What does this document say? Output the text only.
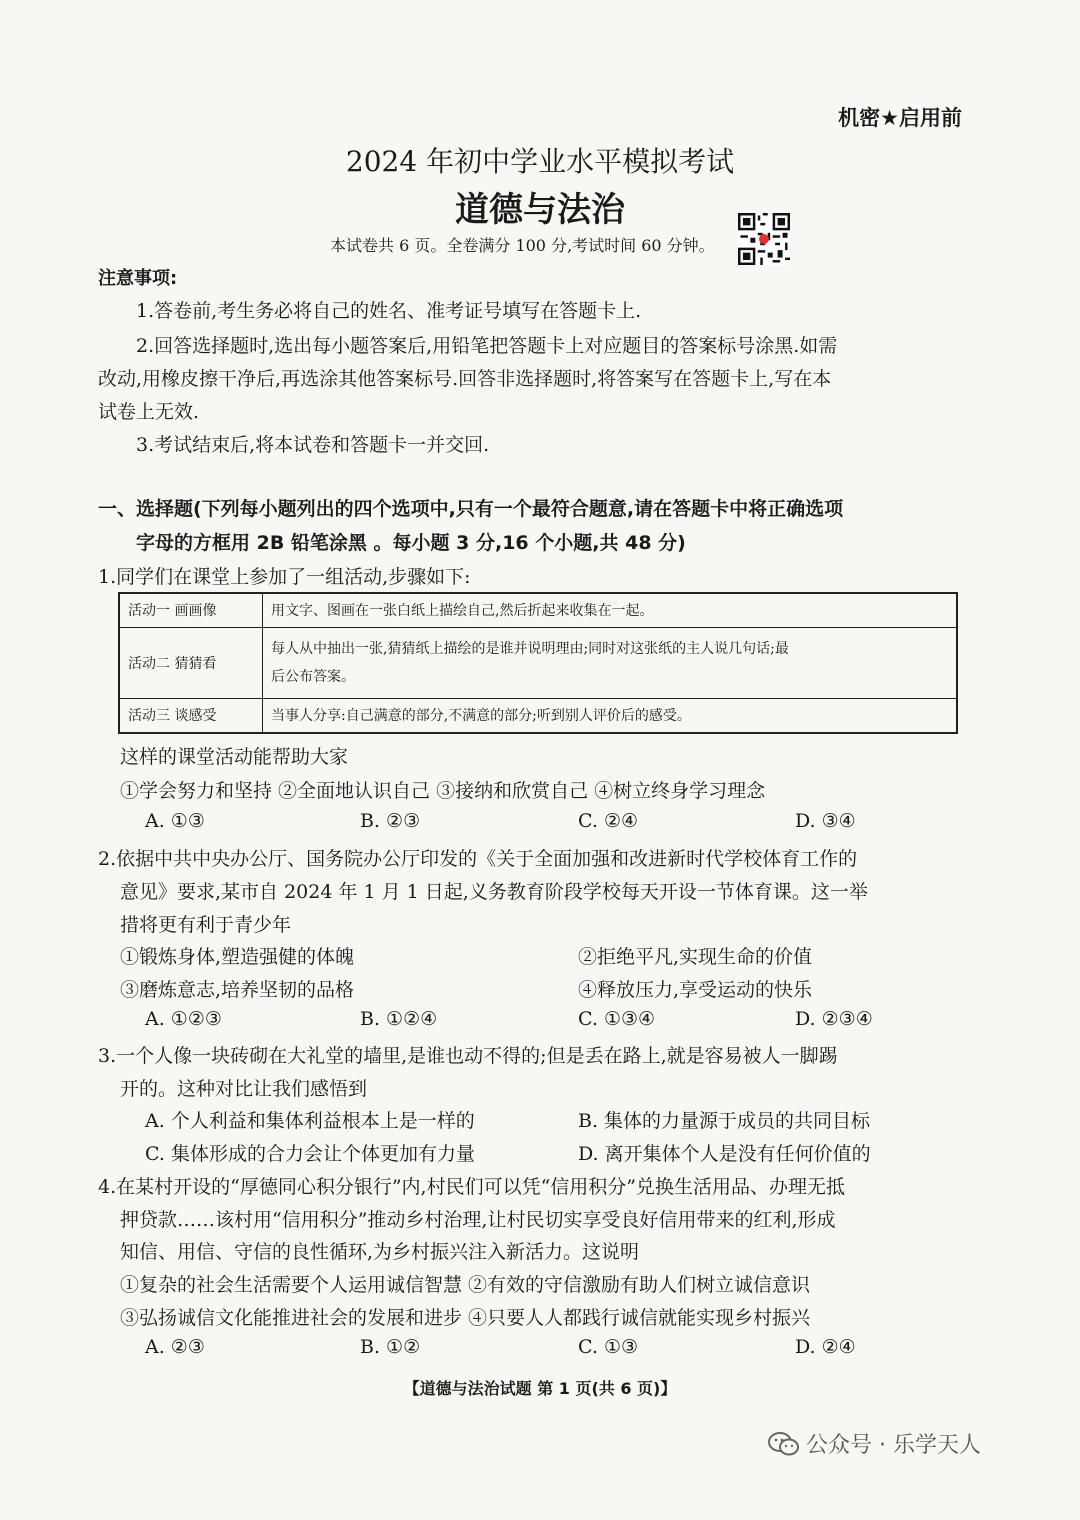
机密★启用前
2024 年初中学业水平模拟考试
道德与法治
本试卷共 6 页。全卷满分 100 分,考试时间 60 分钟。
注意事项:
1.答卷前,考生务必将自己的姓名、准考证号填写在答题卡上.
2.回答选择题时,选出每小题答案后,用铅笔把答题卡上对应题目的答案标号涂黑.如需
改动,用橡皮擦干净后,再选涂其他答案标号.回答非选择题时,将答案写在答题卡上,写在本
试卷上无效.
3.考试结束后,将本试卷和答题卡一并交回.
一、选择题(下列每小题列出的四个选项中,只有一个最符合题意,请在答题卡中将正确选项
字母的方框用 2B 铅笔涂黑 。每小题 3 分,16 个小题,共 48 分)
1.同学们在课堂上参加了一组活动,步骤如下:
活动一 画画像	用文字、图画在一张白纸上描绘自己,然后折起来收集在一起。
活动二 猜猜看	每人从中抽出一张,猜猜纸上描绘的是谁并说明理由;同时对这张纸的主人说几句话;最
后公布答案。

活动三 谈感受	当事人分享:自己满意的部分,不满意的部分;听到别人评价后的感受。
这样的课堂活动能帮助大家
①学会努力和坚持 ②全面地认识自己 ③接纳和欣赏自己 ④树立终身学习理念
A. ①③	B. ②③	C. ②④	D. ③④
2.依据中共中央办公厅、国务院办公厅印发的《关于全面加强和改进新时代学校体育工作的
意见》要求,某市自 2024 年 1 月 1 日起,义务教育阶段学校每天开设一节体育课。这一举
措将更有利于青少年
①锻炼身体,塑造强健的体魄	②拒绝平凡,实现生命的价值
③磨炼意志,培养坚韧的品格	④释放压力,享受运动的快乐
A. ①②③	B. ①②④	C. ①③④	D. ②③④
3.一个人像一块砖砌在大礼堂的墙里,是谁也动不得的;但是丢在路上,就是容易被人一脚踢
开的。这种对比让我们感悟到
A. 个人利益和集体利益根本上是一样的	B. 集体的力量源于成员的共同目标
C. 集体形成的合力会让个体更加有力量	D. 离开集体个人是没有任何价值的
4.在某村开设的“厚德同心积分银行”内,村民们可以凭“信用积分”兑换生活用品、办理无抵
押贷款……该村用“信用积分”推动乡村治理,让村民切实享受良好信用带来的红利,形成
知信、用信、守信的良性循环,为乡村振兴注入新活力。这说明
①复杂的社会生活需要个人运用诚信智慧 ②有效的守信激励有助人们树立诚信意识
③弘扬诚信文化能推进社会的发展和进步 ④只要人人都践行诚信就能实现乡村振兴
A. ②③	B. ①②	C. ①③	D. ②④
【道德与法治试题 第 1 页(共 6 页)】
公众号 · 乐学天人
